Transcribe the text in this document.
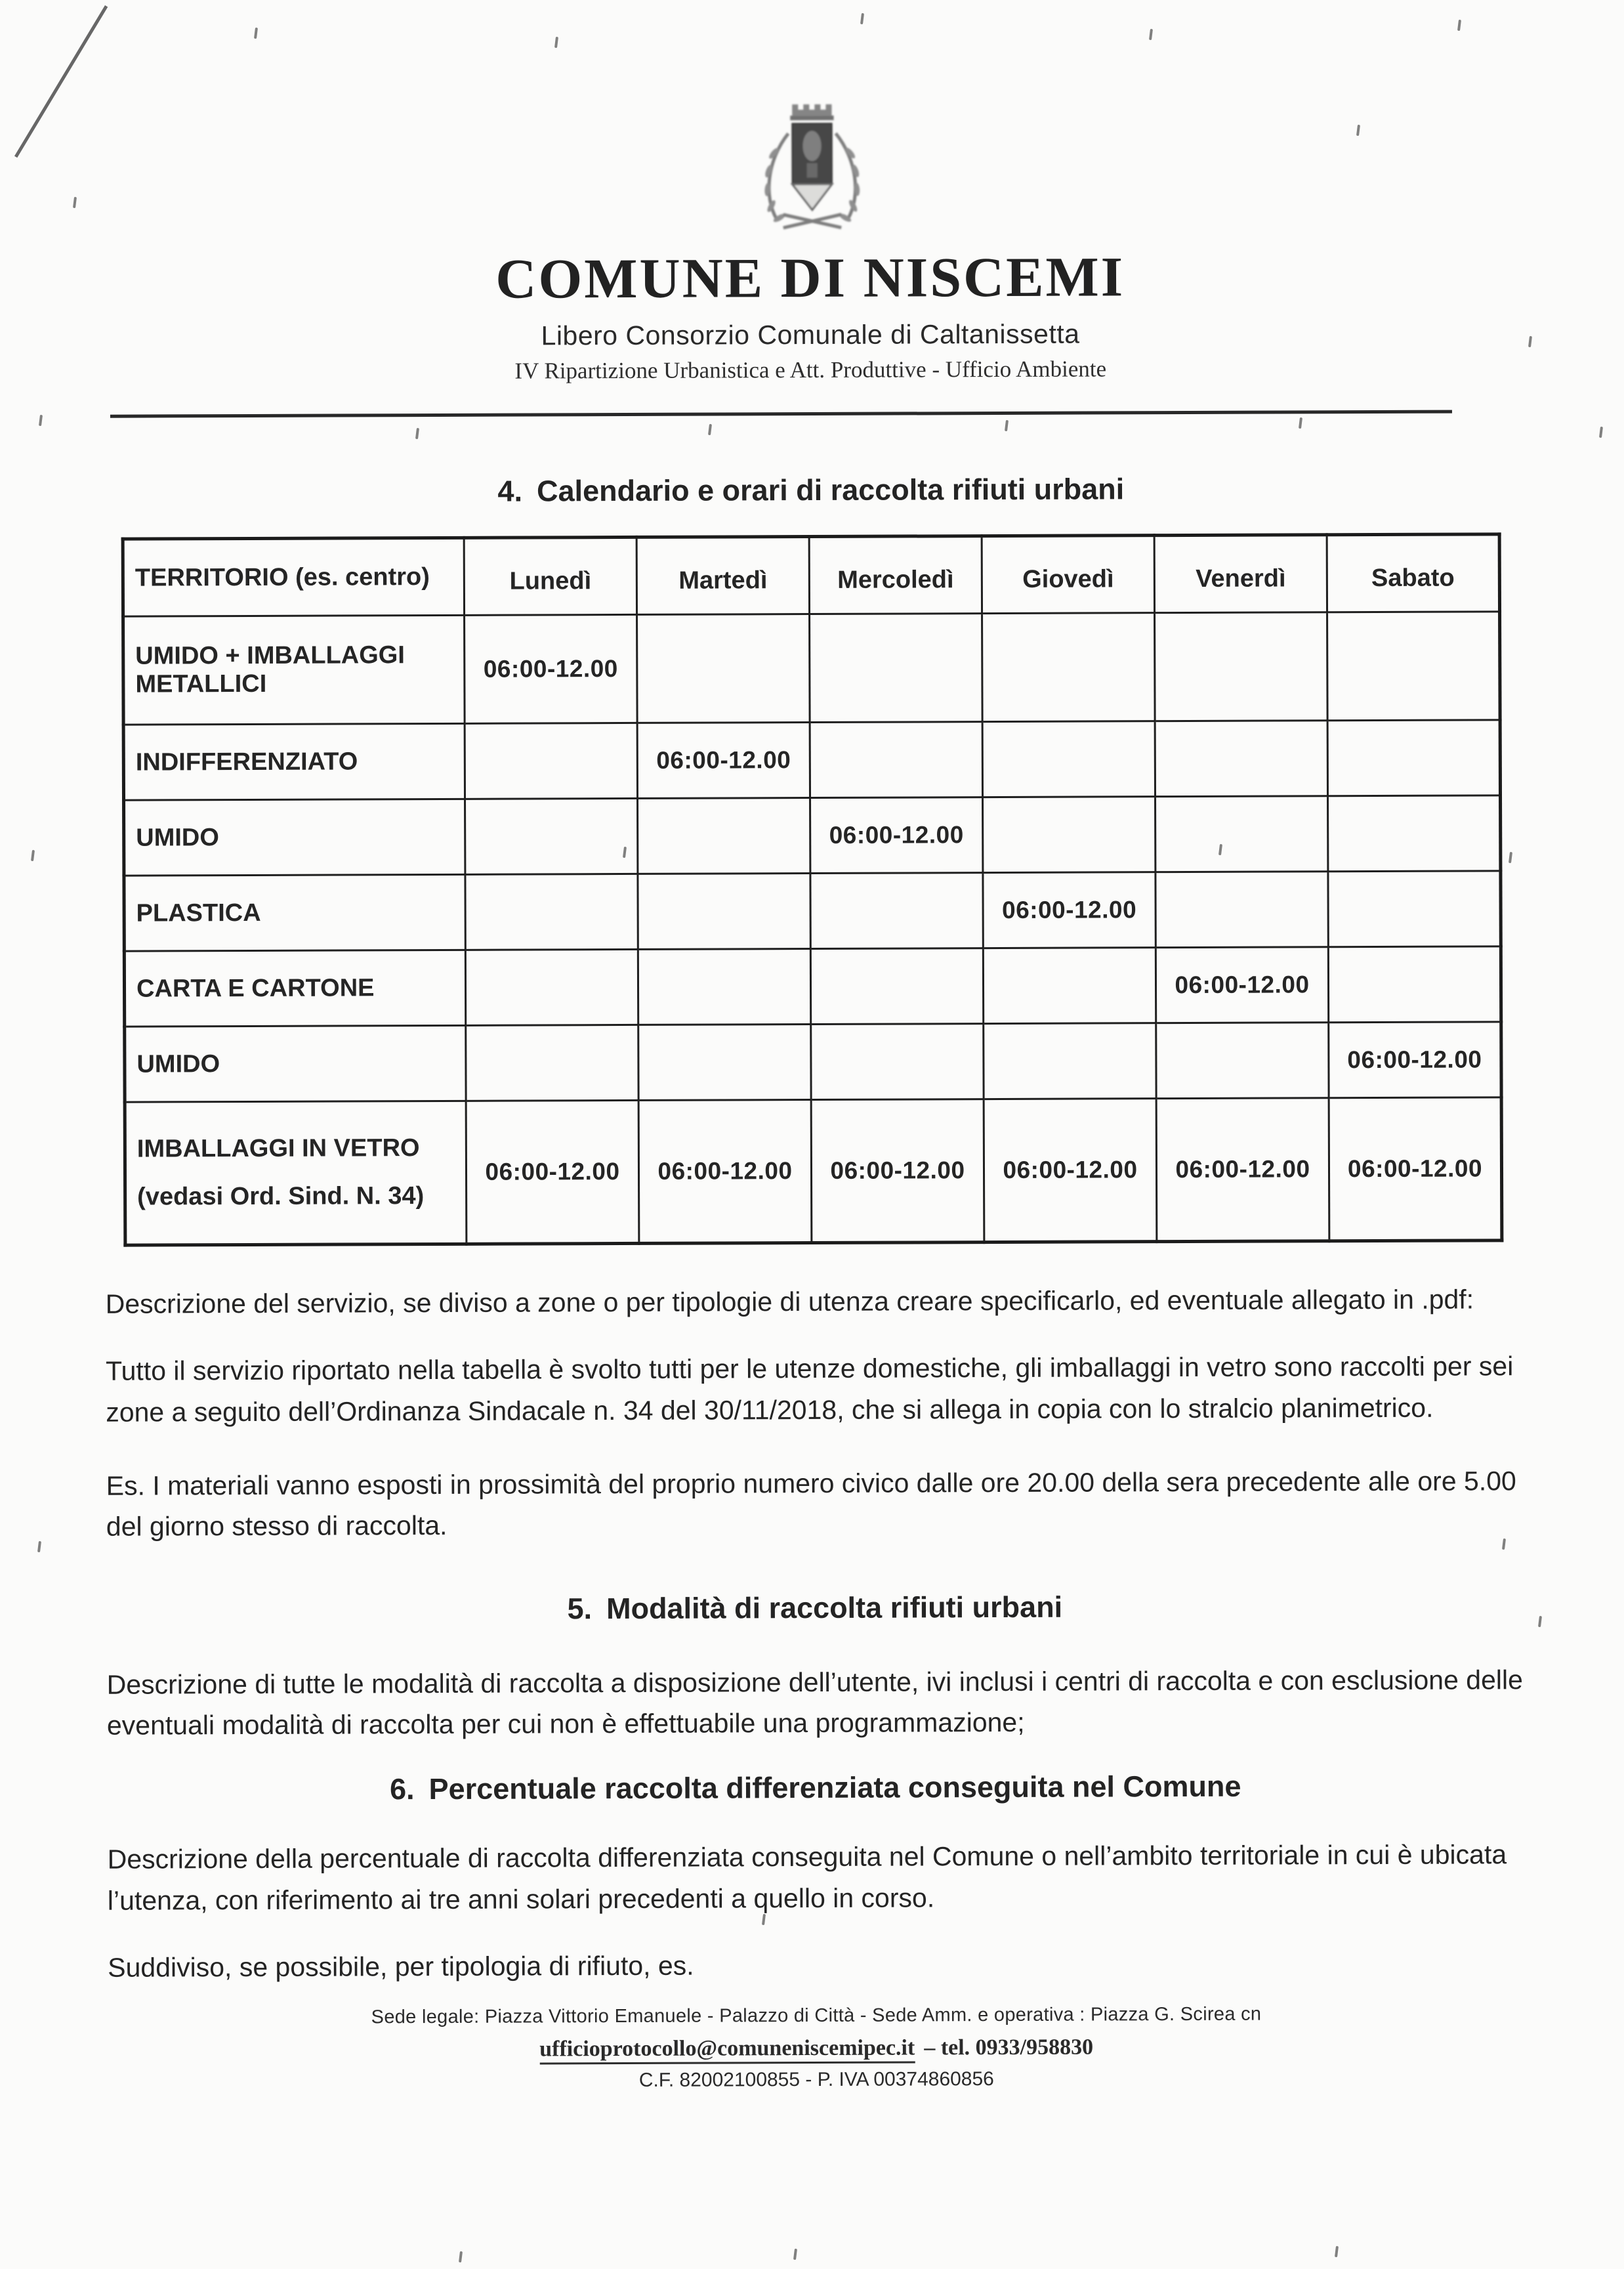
COMUNE DI NISCEMI
Libero Consorzio Comunale di Caltanissetta
IV Ripartizione Urbanistica e Att. Produttive - Ufficio Ambiente
4. Calendario e orari di raccolta rifiuti urbani
TERRITORIO (es. centro)	Lunedì	Martedì	Mercoledì	Giovedì	Venerdì	Sabato
UMIDO + IMBALLAGGI METALLICI	06:00-12.00					
INDIFFERENZIATO		06:00-12.00				
UMIDO			06:00-12.00			
PLASTICA				06:00-12.00		
CARTA E CARTONE					06:00-12.00	
UMIDO						06:00-12.00

IMBALLAGGI IN VETRO
(vedasi Ord. Sind. N. 34)	06:00-12.00	06:00-12.00	06:00-12.00	06:00-12.00	06:00-12.00	06:00-12.00

Descrizione del servizio, se diviso a zone o per tipologie di utenza creare specificarlo, ed eventuale allegato in .pdf:

Tutto il servizio riportato nella tabella è svolto tutti per le utenze domestiche, gli imballaggi in vetro sono raccolti per sei zone a seguito dell’Ordinanza Sindacale n. 34 del 30/11/2018, che si allega in copia con lo stralcio planimetrico.

Es. I materiali vanno esposti in prossimità del proprio numero civico dalle ore 20.00 della sera precedente alle ore 5.00 del giorno stesso di raccolta.

5. Modalità di raccolta rifiuti urbani

Descrizione di tutte le modalità di raccolta a disposizione dell’utente, ivi inclusi i centri di raccolta e con esclusione delle eventuali modalità di raccolta per cui non è effettuabile una programmazione;

6. Percentuale raccolta differenziata conseguita nel Comune

Descrizione della percentuale di raccolta differenziata conseguita nel Comune o nell’ambito territoriale in cui è ubicata l’utenza, con riferimento ai tre anni solari precedenti a quello in corso.

Suddiviso, se possibile, per tipologia di rifiuto, es.

Sede legale: Piazza Vittorio Emanuele - Palazzo di Città - Sede Amm. e operativa : Piazza G. Scirea cn
ufficioprotocollo@comuneniscemipec.it – tel. 0933/958830
C.F. 82002100855 - P. IVA 00374860856
